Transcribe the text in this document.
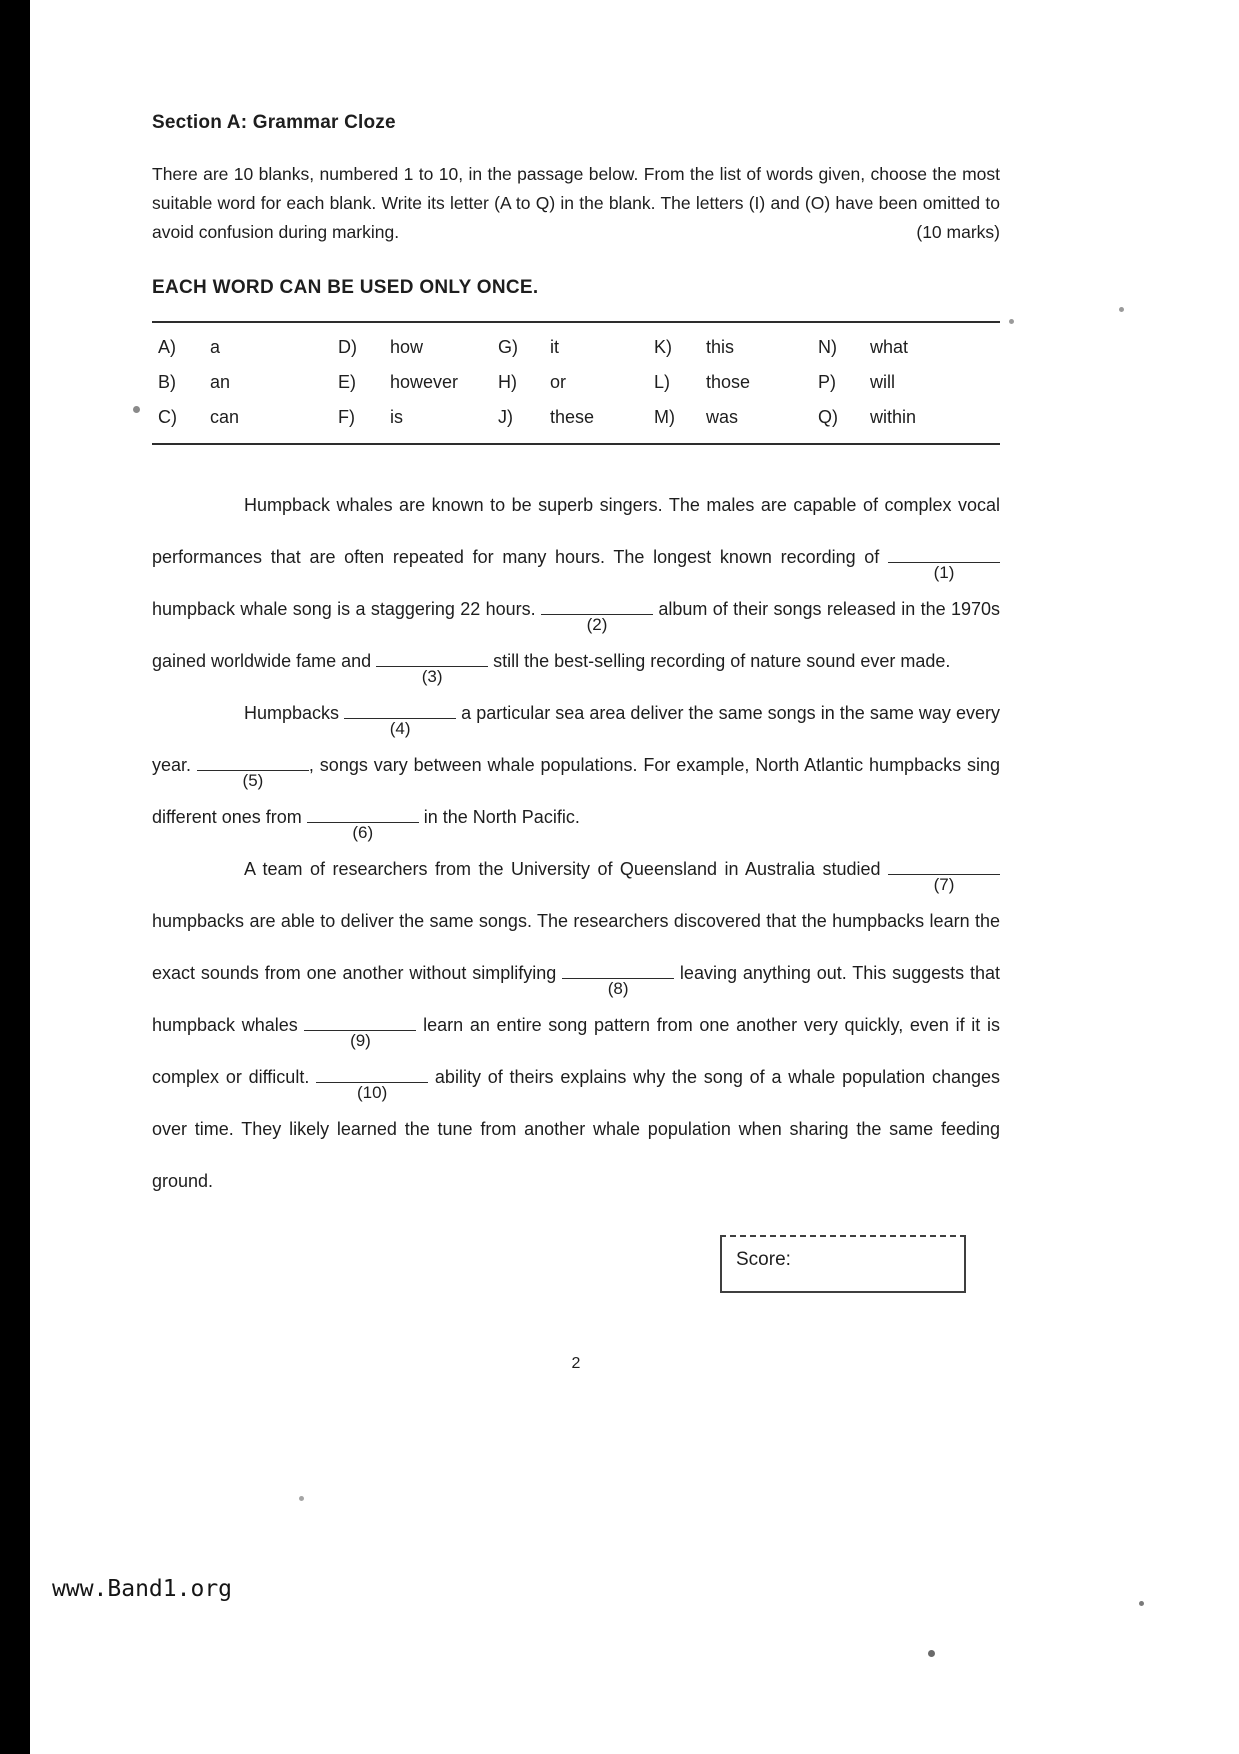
Section A: Grammar Cloze
There are 10 blanks, numbered 1 to 10, in the passage below. From the list of words given, choose the most suitable word for each blank. Write its letter (A to Q) in the blank. The letters (I) and (O) have been omitted to avoid confusion during marking.	(10 marks)
EACH WORD CAN BE USED ONLY ONCE.
A)	a	D)	how	G)	it	K)	this	N)	what
B)	an	E)	however	H)	or	L)	those	P)	will
C)	can	F)	is	J)	these	M)	was	Q)	within
Humpback whales are known to be superb singers. The males are capable of complex vocal performances that are often repeated for many hours. The longest known recording of
(1)
humpback whale song is a staggering 22 hours.
(2)
album of their songs released in the 1970s gained worldwide fame and
(3)
still the best-selling recording of nature sound ever made.
Humpbacks
(4)
a particular sea area deliver the same songs in the same way every year.
(5)
, songs vary between whale populations. For example, North Atlantic humpbacks sing different ones from
(6)
in the North Pacific.
A team of researchers from the University of Queensland in Australia studied
(7)
humpbacks are able to deliver the same songs. The researchers discovered that the humpbacks learn the exact sounds from one another without simplifying
(8)
leaving anything out. This suggests that humpback whales
(9)
learn an entire song pattern from one another very quickly, even if it is complex or difficult.
(10)
ability of theirs explains why the song of a whale population changes over time. They likely learned the tune from another whale population when sharing the same feeding ground.
Score:
2
www.Band1.org
